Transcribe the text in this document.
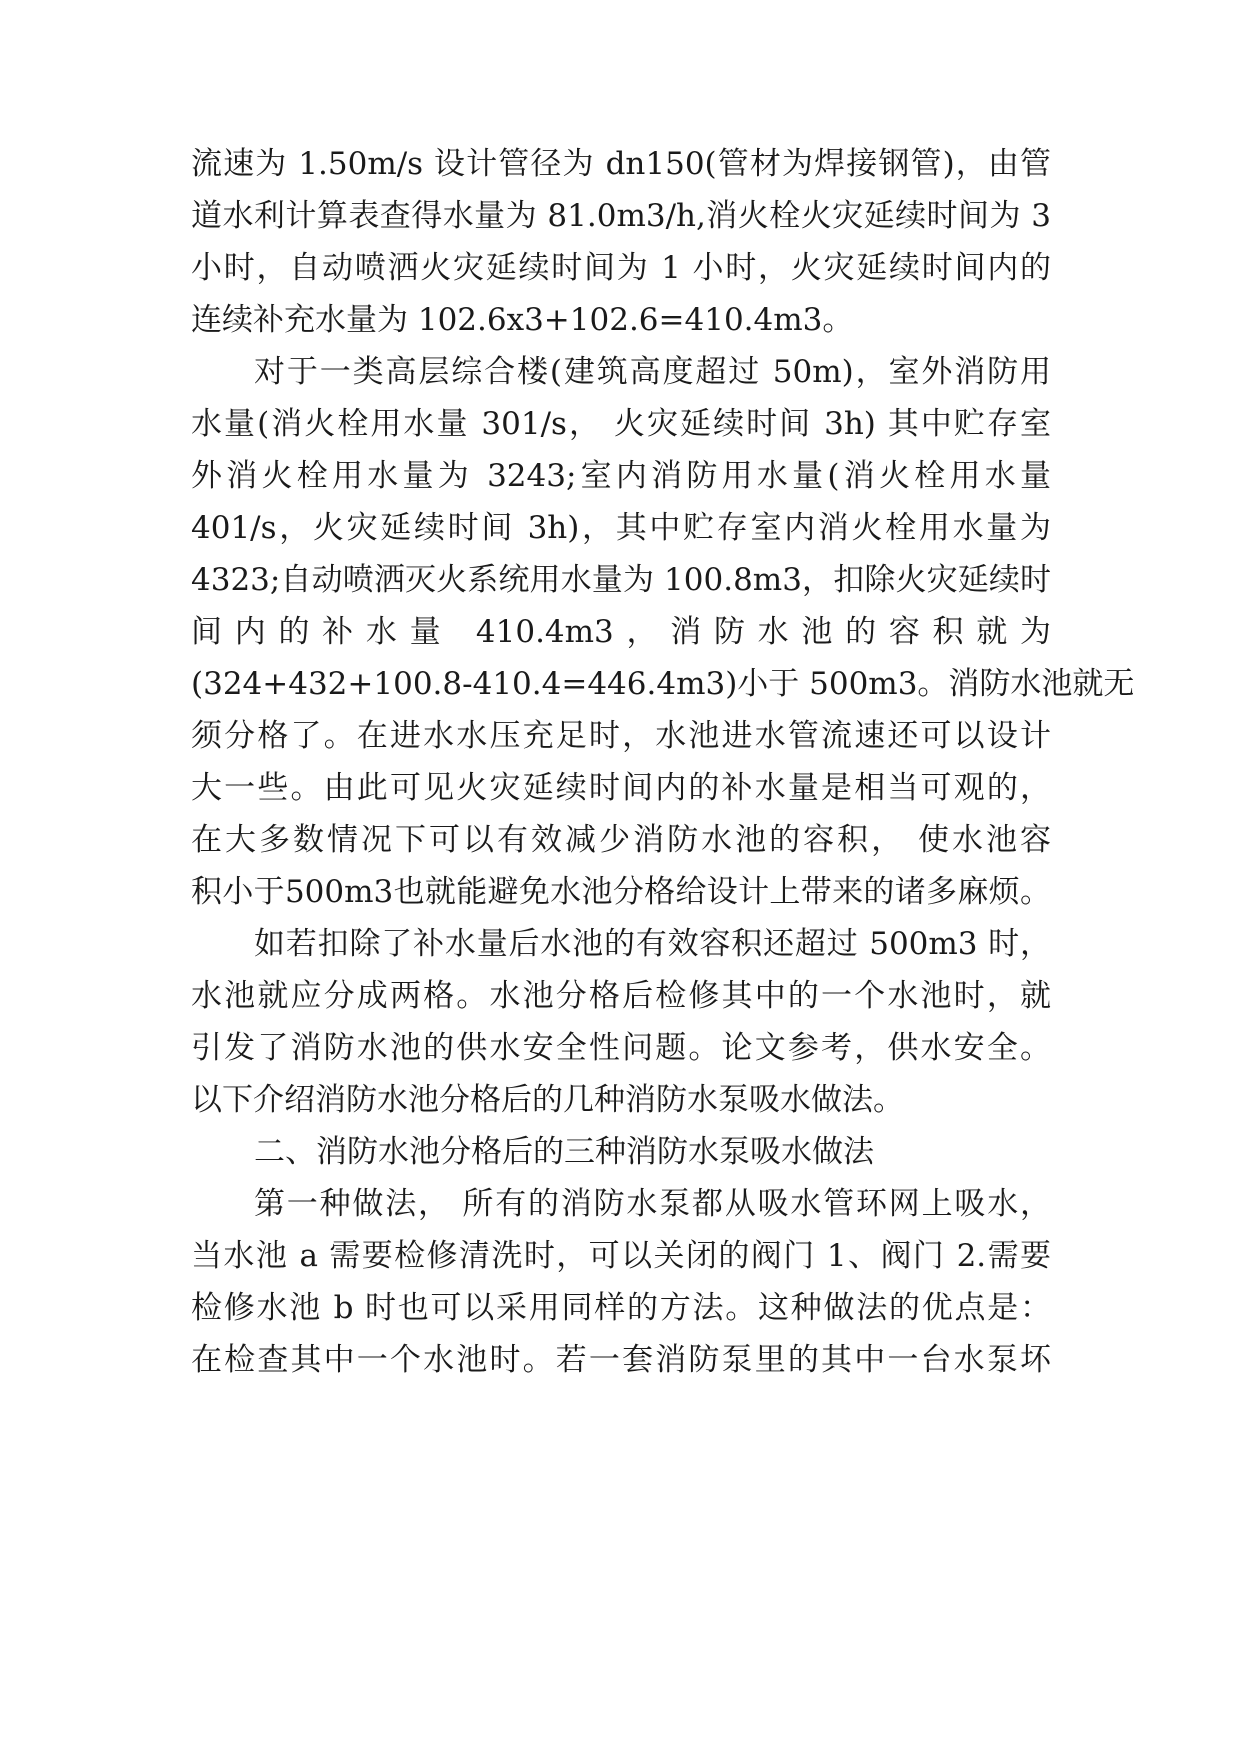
流速为 1.50m/s 设计管径为 dn150(管材为焊接钢管)，由管
道水利计算表查得水量为 81.0m3/h,消火栓火灾延续时间为 3
小时，自动喷洒火灾延续时间为 1 小时，火灾延续时间内的
连续补充水量为 102.6x3+102.6=410.4m3。
对于一类高层综合楼(建筑高度超过 50m)，室外消防用
水量(消火栓用水量 301/s， 火灾延续时间 3h) 其中贮存室
外消火栓用水量为 3243;室内消防用水量(消火栓用水量
401/s，火灾延续时间 3h)，其中贮存室内消火栓用水量为
4323;自动喷洒灭火系统用水量为 100.8m3，扣除火灾延续时
间内的补水量 410.4m3，消防水池的容积就为
(324+432+100.8-410.4=446.4m3)小于 500m3。消防水池就无
须分格了。在进水水压充足时，水池进水管流速还可以设计
大一些。由此可见火灾延续时间内的补水量是相当可观的，
在大多数情况下可以有效减少消防水池的容积， 使水池容
积小于500m3也就能避免水池分格给设计上带来的诸多麻烦。
如若扣除了补水量后水池的有效容积还超过 500m3 时，
水池就应分成两格。水池分格后检修其中的一个水池时，就
引发了消防水池的供水安全性问题。论文参考，供水安全。
以下介绍消防水池分格后的几种消防水泵吸水做法。
二、消防水池分格后的三种消防水泵吸水做法
第一种做法， 所有的消防水泵都从吸水管环网上吸水，
当水池 a 需要检修清洗时，可以关闭的阀门 1、阀门 2.需要
检修水池 b 时也可以采用同样的方法。这种做法的优点是：
在检查其中一个水池时。若一套消防泵里的其中一台水泵坏
